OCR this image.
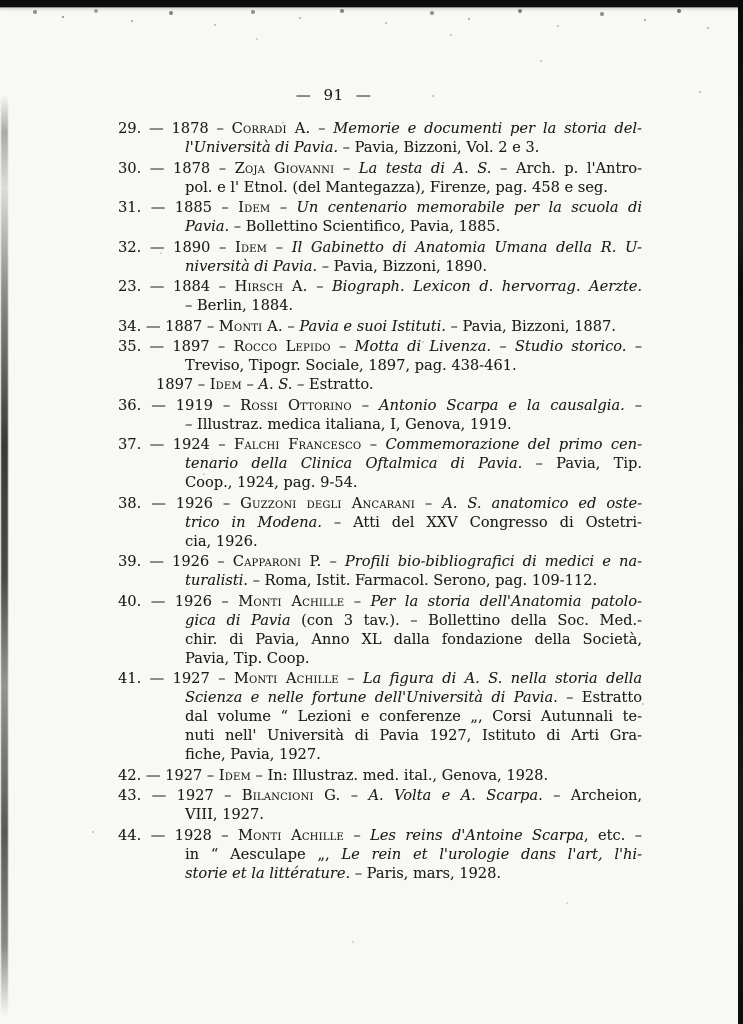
— 91 —
29. — 1878 – Corradi A. – Memorie e documenti per la storia del-
l'Università di Pavia. – Pavia, Bizzoni, Vol. 2 e 3.
30. — 1878 – Zoja Giovanni – La testa di A. S. – Arch. p. l'Antro-
pol. e l' Etnol. (del Mantegazza), Firenze, pag. 458 e seg.
31. — 1885 – Idem – Un centenario memorabile per la scuola di
Pavia. – Bollettino Scientifico, Pavia, 1885.
32. — 1890 – Idem – Il Gabinetto di Anatomia Umana della R. U-
niversità di Pavia. – Pavia, Bizzoni, 1890.
23. — 1884 – Hirsch A. – Biograph. Lexicon d. hervorrag. Aerzte.
– Berlin, 1884.
34. — 1887 – Monti A. – Pavia e suoi Istituti. – Pavia, Bizzoni, 1887.
35. — 1897 – Rocco Lepido – Motta di Livenza. – Studio storico. –
Treviso, Tipogr. Sociale, 1897, pag. 438-461.
1897 – Idem – A. S. – Estratto.
36. — 1919 – Rossi Ottorino – Antonio Scarpa e la causalgia. –
– Illustraz. medica italiana, I, Genova, 1919.
37. — 1924 – Falchi Francesco – Commemorazione del primo cen-
tenario della Clinica Oftalmica di Pavia. – Pavia, Tip.
Coop., 1924, pag. 9-54.
38. — 1926 – Guzzoni degli Ancarani – A. S. anatomico ed oste-
trico in Modena. – Atti del XXV Congresso di Ostetri-
cia, 1926.
39. — 1926 – Capparoni P. – Profili bio-bibliografici di medici e na-
turalisti. – Roma, Istit. Farmacol. Serono, pag. 109-112.
40. — 1926 – Monti Achille – Per la storia dell'Anatomia patolo-
gica di Pavia (con 3 tav.). – Bollettino della Soc. Med.-
chir. di Pavia, Anno XL dalla fondazione della Società,
Pavia, Tip. Coop.
41. — 1927 – Monti Achille – La figura di A. S. nella storia della
Scienza e nelle fortune dell'Università di Pavia. – Estratto
dal volume “ Lezioni e conferenze „, Corsi Autunnali te-
nuti nell' Università di Pavia 1927, Istituto di Arti Gra-
fiche, Pavia, 1927.
42. — 1927 – Idem – In: Illustraz. med. ital., Genova, 1928.
43. — 1927 – Bilancioni G. – A. Volta e A. Scarpa. – Archeion,
VIII, 1927.
44. — 1928 – Monti Achille – Les reins d'Antoine Scarpa, etc. –
in “ Aesculape „, Le rein et l'urologie dans l'art, l'hi-
storie et la littérature. – Paris, mars, 1928.
